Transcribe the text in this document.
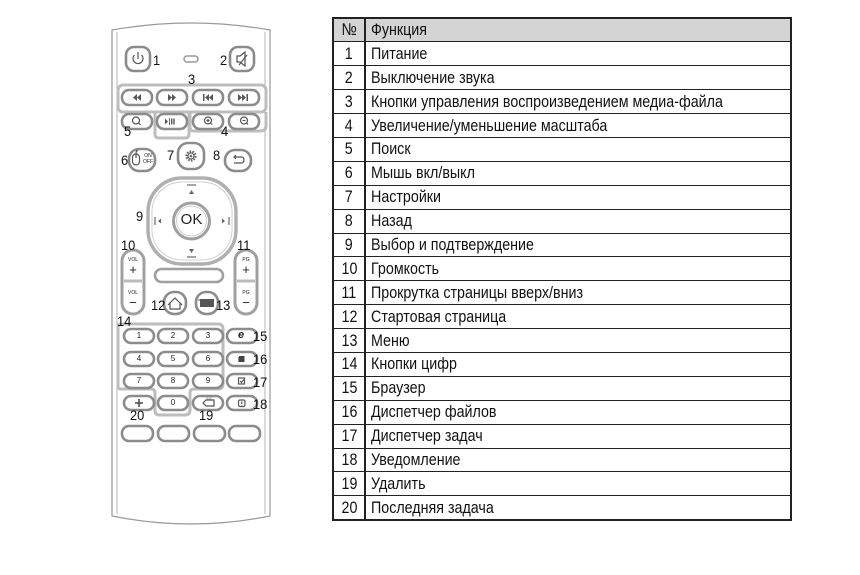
OK
ON
OFF
VOL
+
VOL
−
PG
+
PG
−
1	2	3
4	5	6
7	8	9
0
e
1	2
3
4
5
6	7	8
9
10	11
12	13
14
15
16
17
18
19
20
№	Функция
1	Питание
2	Выключение звука
3	Кнопки управления воспроизведением медиа-файла
4	Увеличение/уменьшение масштаба
5	Поиск
6	Мышь вкл/выкл
7	Настройки
8	Назад
9	Выбор и подтверждение
10	Громкость
11	Прокрутка страницы вверх/вниз
12	Стартовая страница
13	Меню
14	Кнопки цифр
15	Браузер
16	Диспетчер файлов
17	Диспетчер задач
18	Уведомление
19	Удалить
20	Последняя задача
